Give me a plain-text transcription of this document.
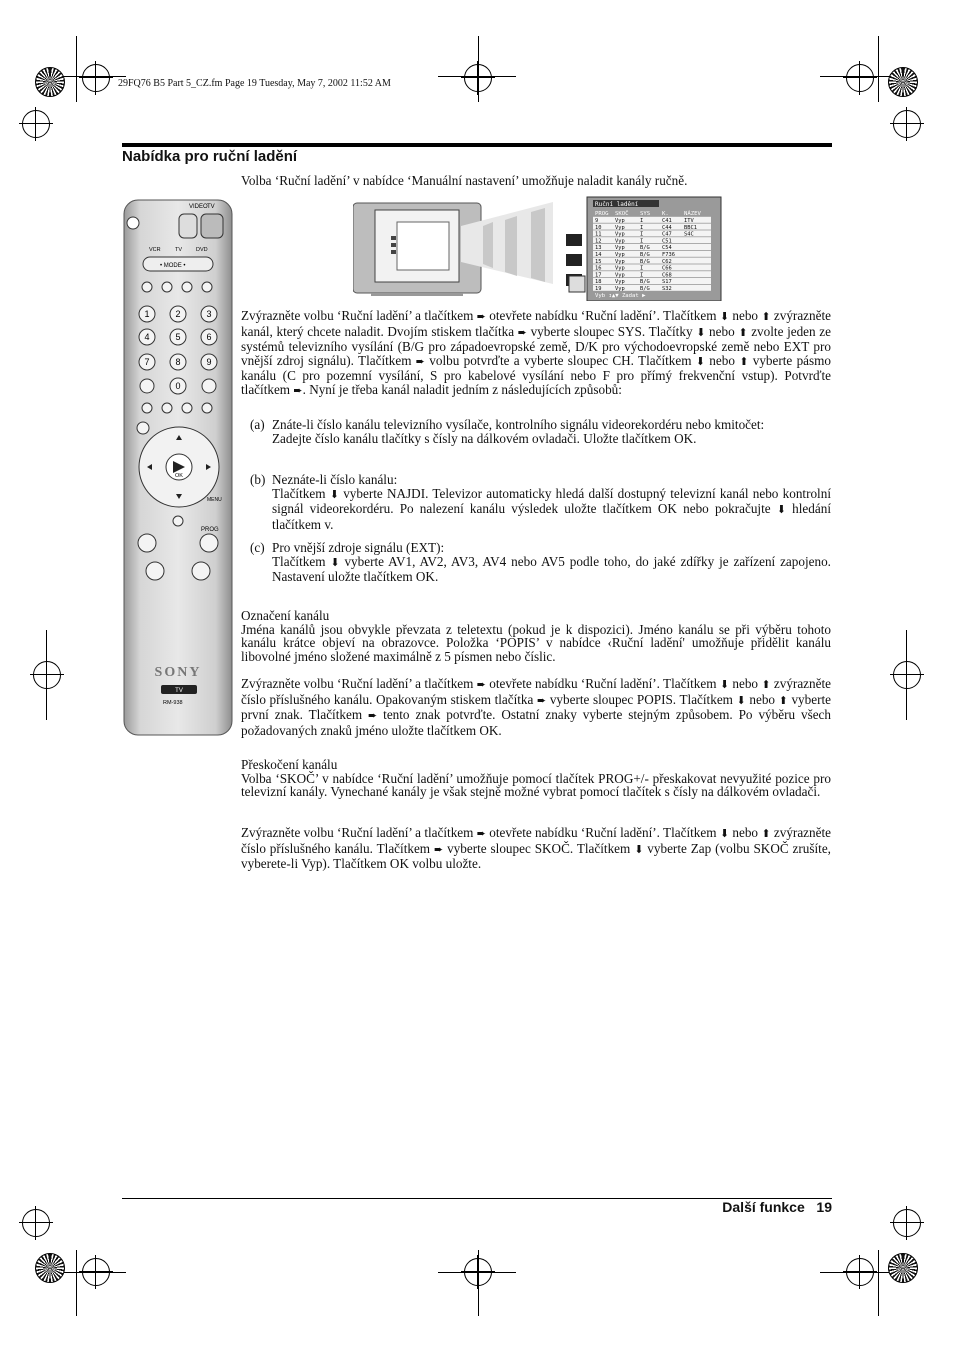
29FQ76 B5 Part 5_CZ.fm Page 19 Tuesday, May 7, 2002 11:52 AM
Nabídka pro ruční ladění
Volba ‘Ruční ladění’ v nabídce ‘Manuální nastavení’ umožňuje naladit kanály ručně.
VIDEO TV
VCR	TV	DVD
• MODE •
1	2	3
4	5	6
7	8	9
0
OK
MENU
PROG
SONY
TV
RM-938
Ruční ladění
PROG SKOČ SYS K.	NÁZEV
9	Vyp	I	C41 ITV
10	Vyp	I	C44 BBC1
11	Vyp	I	C47 S4C
12	Vyp	I	C51
13	Vyp	B/G C54
14	Vyp	B/G F736
15	Vyp	B/G C62
16	Vyp	I	C66
17	Vyp	I	C68
18	Vyp	B/G S17
19	Vyp	B/G S32
Vyb ↕▲▼ Zadat ▶
Zvýrazněte volbu ‘Ruční ladění’ a tlačítkem ➨ otevřete nabídku ‘Ruční ladění’. Tlačítkem ⬇ nebo ⬆ zvýrazněte kanál, který chcete naladit. Dvojím stiskem tlačítka ➨ vyberte sloupec SYS. Tlačítky ⬇ nebo ⬆ zvolte jeden ze systémů televizního vysílání (B/G pro západoevropské země, D/K pro východoevropské země nebo EXT pro vnější zdroj signálu). Tlačítkem ➨ volbu potvrďte a vyberte sloupec CH. Tlačítkem ⬇ nebo ⬆ vyberte pásmo kanálu (C pro pozemní vysílání, S pro kabelové vysílání nebo F pro přímý frekvenční vstup). Potvrďte tlačítkem ➨. Nyní je třeba kanál naladit jedním z následujících způsobů:
(a) Znáte-li číslo kanálu televizního vysílače, kontrolního signálu videorekordéru nebo kmitočet:
Zadejte číslo kanálu tlačítky s čísly na dálkovém ovladači. Uložte tlačítkem OK.
(b) Neznáte-li číslo kanálu:
Tlačítkem ⬇ vyberte NAJDI. Televizor automaticky hledá další dostupný televizní kanál nebo kontrolní signál videorekordéru. Po nalezení kanálu výsledek uložte tlačítkem OK nebo pokračujte ⬇ hledání tlačítkem v.
(c) Pro vnější zdroje signálu (EXT):
Tlačítkem ⬇ vyberte AV1, AV2, AV3, AV4 nebo AV5 podle toho, do jaké zdířky je zařízení zapojeno. Nastavení uložte tlačítkem OK.
Označení kanálu
Jména kanálů jsou obvykle převzata z teletextu (pokud je k dispozici). Jméno kanálu se při výběru tohoto kanálu krátce objeví na obrazovce. Položka ‘POPIS’ v nabídce ‹Ruční ladění' umožňuje přidělit kanálu libovolné jméno složené maximálně z 5 písmen nebo číslic.
Zvýrazněte volbu ‘Ruční ladění’ a tlačítkem ➨ otevřete nabídku ‘Ruční ladění’. Tlačítkem ⬇ nebo ⬆ zvýrazněte číslo příslušného kanálu. Opakovaným stiskem tlačítka ➨ vyberte sloupec POPIS. Tlačítkem ⬇ nebo ⬆ vyberte první znak. Tlačítkem ➨ tento znak potvrďte. Ostatní znaky vyberte stejným způsobem. Po výběru všech požadovaných znaků jméno uložte tlačítkem OK.
Přeskočení kanálu
Volba ‘SKOČ’ v nabídce ‘Ruční ladění’ umožňuje pomocí tlačítek PROG+/- přeskakovat nevyužité pozice pro televizní kanály. Vynechané kanály je však stejně možné vybrat pomocí tlačítek s čísly na dálkovém ovladači.
Zvýrazněte volbu ‘Ruční ladění’ a tlačítkem ➨ otevřete nabídku ‘Ruční ladění’. Tlačítkem ⬇ nebo ⬆ zvýrazněte číslo příslušného kanálu. Tlačítkem ➨ vyberte sloupec SKOČ. Tlačítkem ⬇ vyberte Zap (volbu SKOČ zrušíte, vyberete-li Vyp). Tlačítkem OK volbu uložte.
Další funkce   19
